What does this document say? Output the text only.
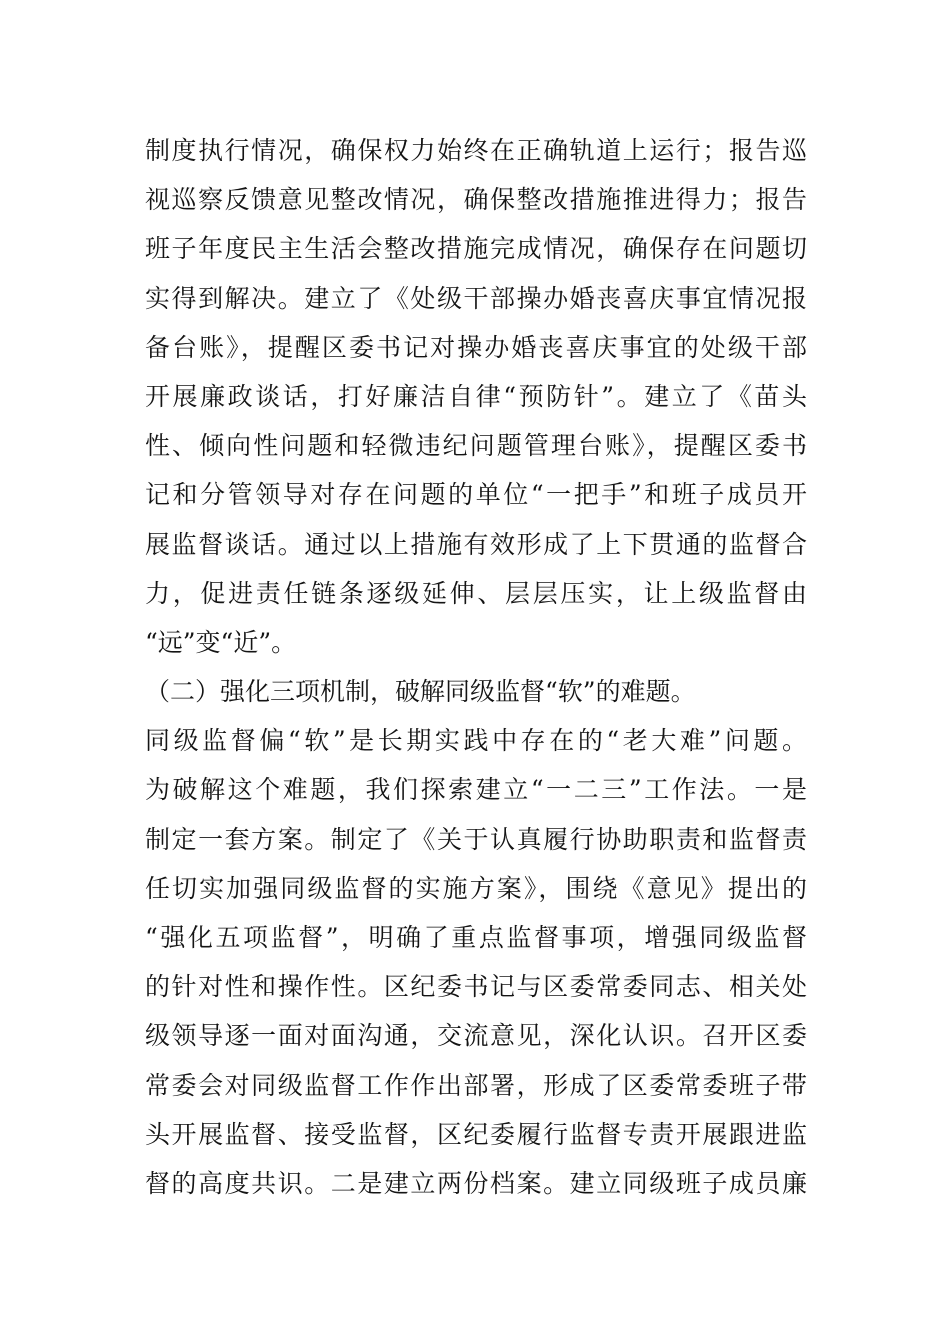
制度执行情况，确保权力始终在正确轨道上运行；报告巡
视巡察反馈意见整改情况，确保整改措施推进得力；报告
班子年度民主生活会整改措施完成情况，确保存在问题切
实得到解决。建立了《处级干部操办婚丧喜庆事宜情况报
备台账》，提醒区委书记对操办婚丧喜庆事宜的处级干部
开展廉政谈话，打好廉洁自律“预防针”。建立了《苗头
性、倾向性问题和轻微违纪问题管理台账》，提醒区委书
记和分管领导对存在问题的单位“一把手”和班子成员开
展监督谈话。通过以上措施有效形成了上下贯通的监督合
力，促进责任链条逐级延伸、层层压实，让上级监督由
“远”变“近”。
（二）强化三项机制，破解同级监督“软”的难题。
同级监督偏“软”是长期实践中存在的“老大难”问题。
为破解这个难题，我们探索建立“一二三”工作法。一是
制定一套方案。制定了《关于认真履行协助职责和监督责
任切实加强同级监督的实施方案》，围绕《意见》提出的
“强化五项监督”，明确了重点监督事项，增强同级监督
的针对性和操作性。区纪委书记与区委常委同志、相关处
级领导逐一面对面沟通，交流意见，深化认识。召开区委
常委会对同级监督工作作出部署，形成了区委常委班子带
头开展监督、接受监督，区纪委履行监督专责开展跟进监
督的高度共识。二是建立两份档案。建立同级班子成员廉
